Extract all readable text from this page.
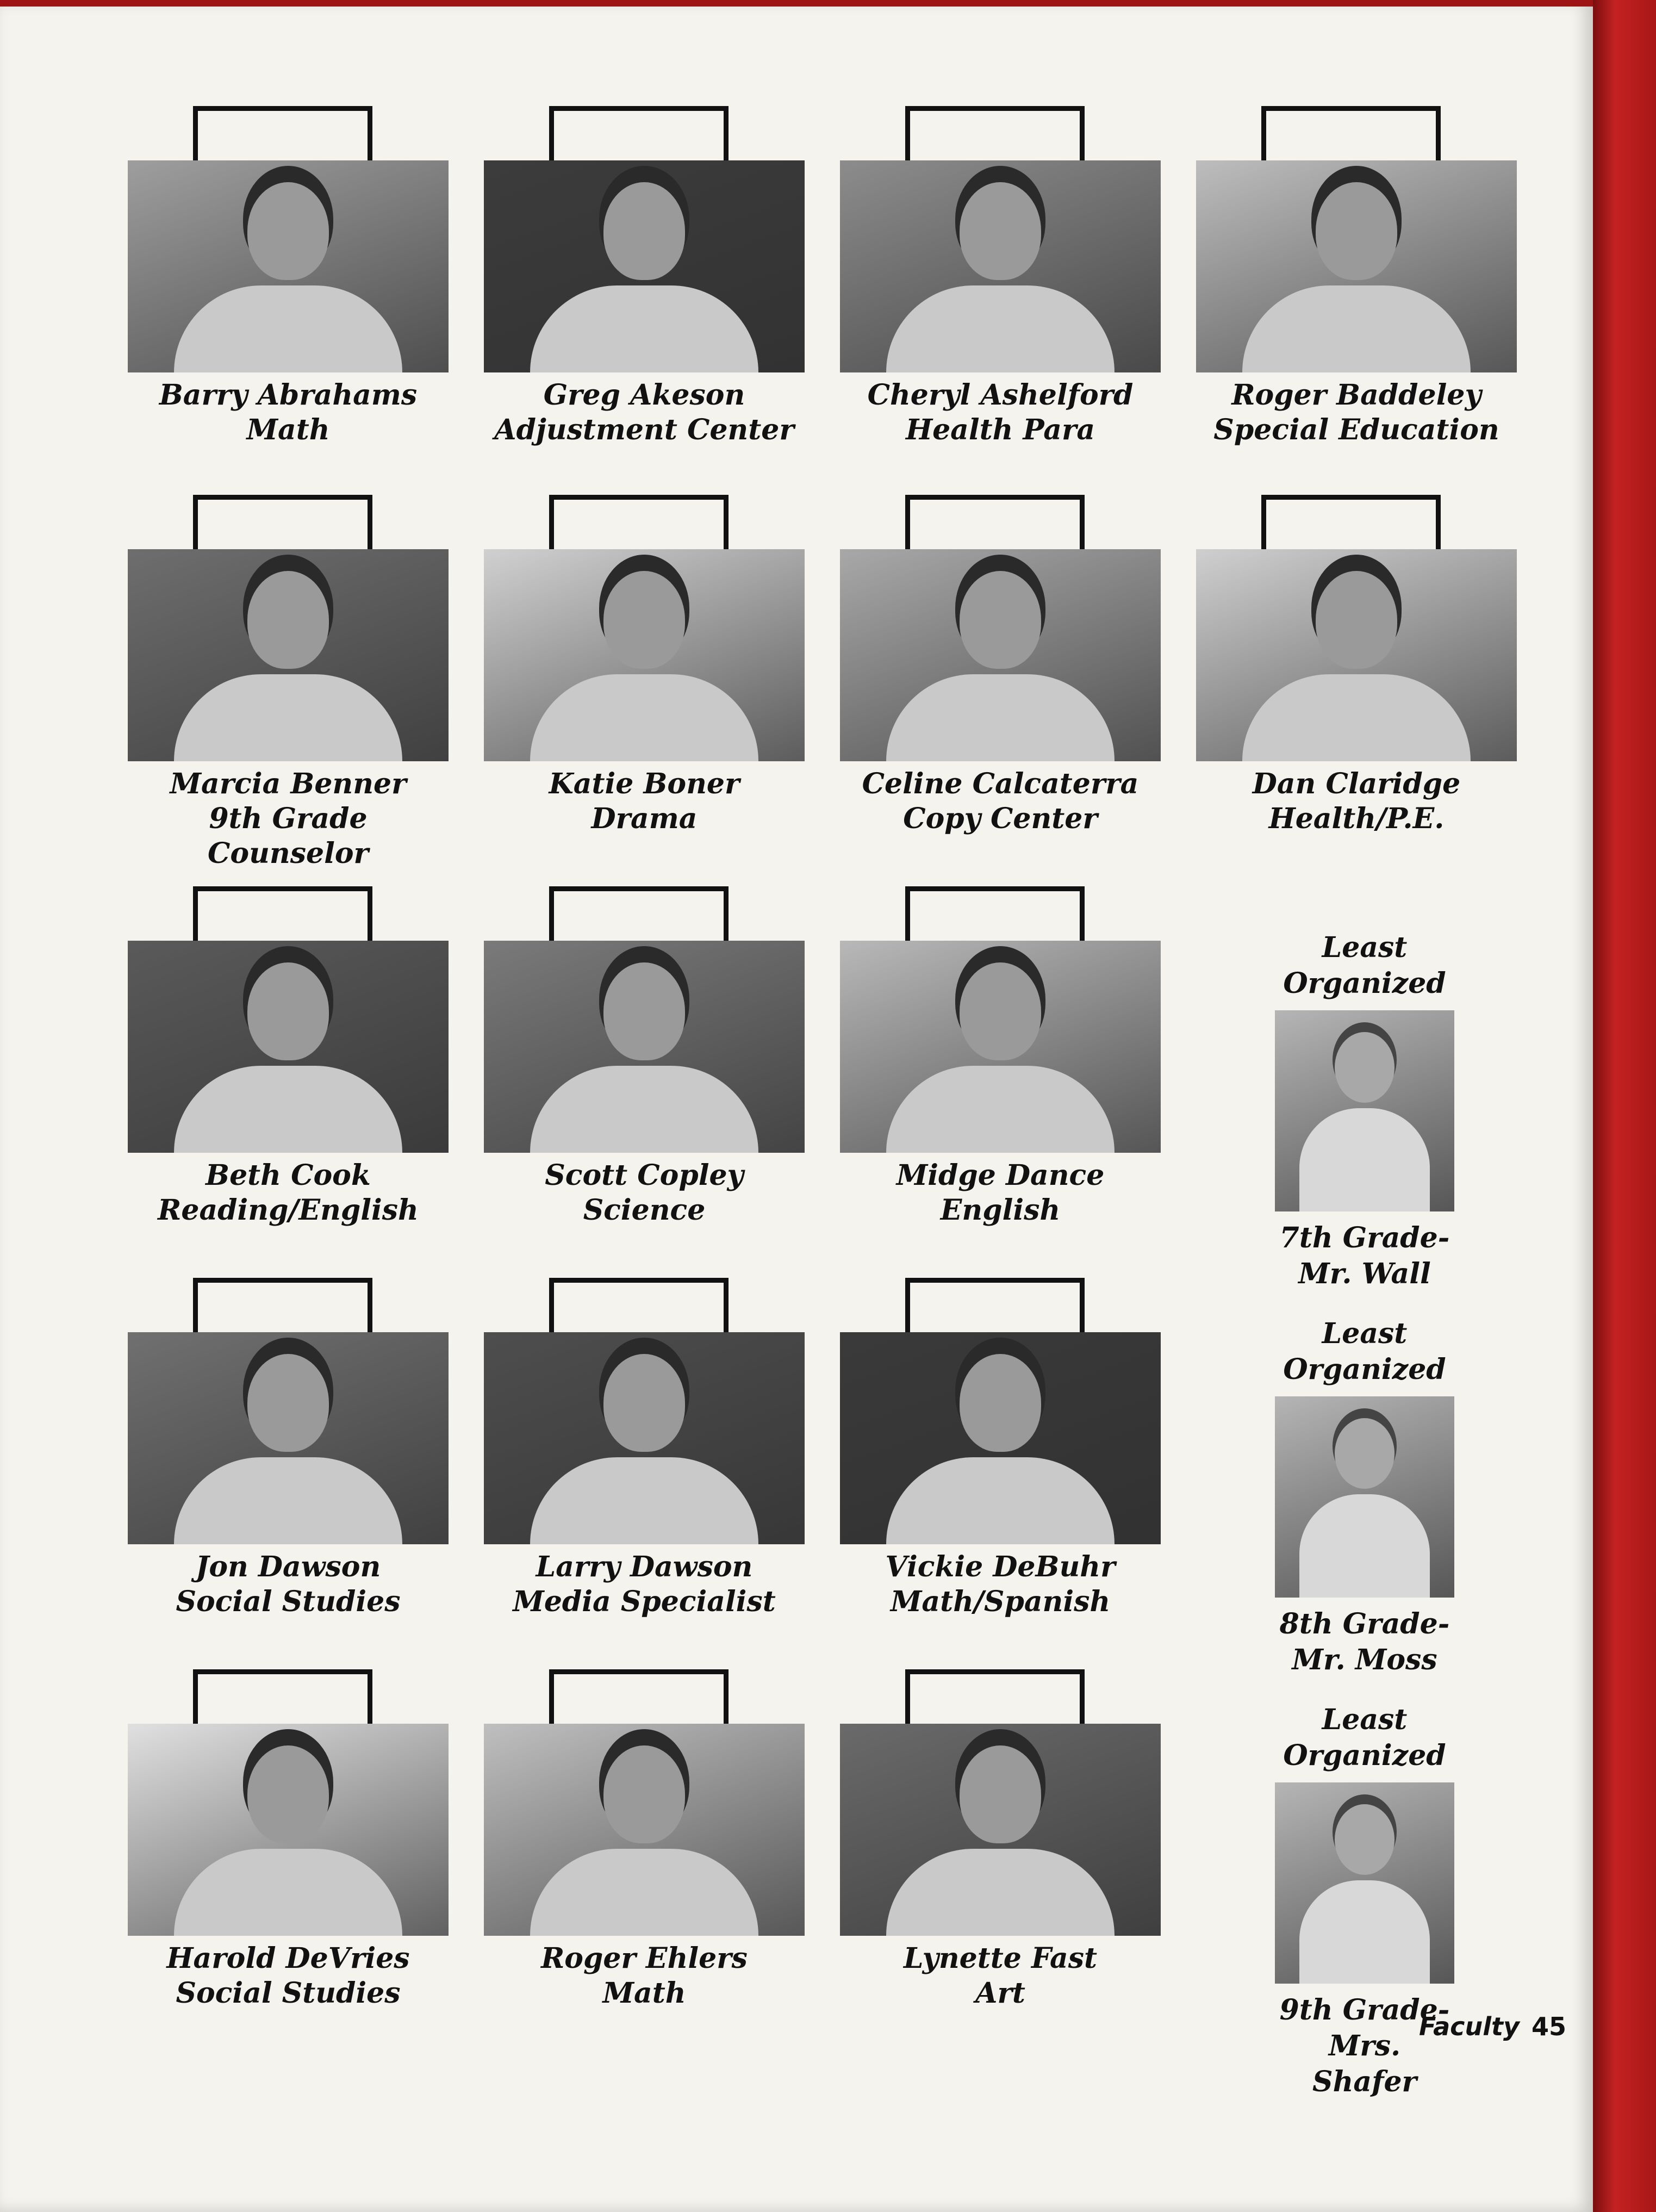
Barry Abrahams
Math
Greg Akeson
Adjustment Center
Cheryl Ashelford
Health Para
Roger Baddeley
Special Education
Marcia Benner
9th Grade
Counselor
Katie Boner
Drama
Celine Calcaterra
Copy Center
Dan Claridge
Health/P.E.
Beth Cook
Reading/English
Scott Copley
Science
Midge Dance
English
Jon Dawson
Social Studies
Larry Dawson
Media Specialist
Vickie DeBuhr
Math/Spanish
Harold DeVries
Social Studies
Roger Ehlers
Math
Lynette Fast
Art
Least
Organized
7th Grade-
Mr. Wall
Least
Organized
8th Grade-
Mr. Moss
Least
Organized
9th Grade-
Mrs.
Shafer
Faculty 45
